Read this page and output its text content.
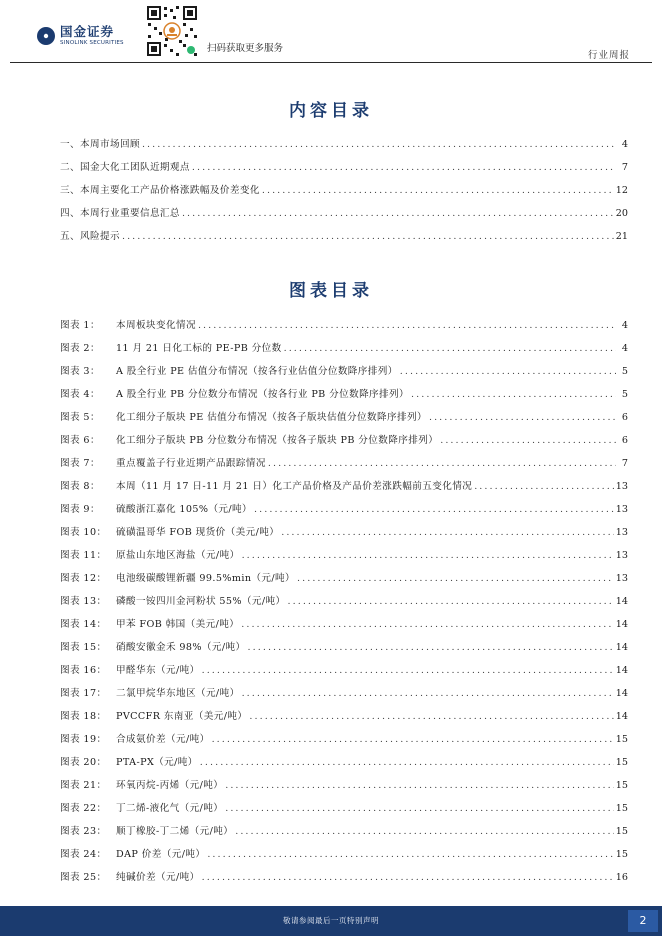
国金证券
SINOLINK SECURITIES
扫码获取更多服务
行业周报
内容目录
一、本周市场回顾 . . .	4
二、国金大化工团队近期观点 . . .	7
三、本周主要化工产品价格涨跌幅及价差变化 . . .	12
四、本周行业重要信息汇总 . . .	20
五、风险提示 . . .	21
图表目录
图表 1： 本周板块变化情况 . . .	4
图表 2： 11 月 21 日化工标的 PE-PB 分位数 . . .	4
图表 3： A 股全行业 PE 估值分布情况（按各行业估值分位数降序排列） . . .	5
图表 4： A 股全行业 PB 分位数分布情况（按各行业 PB 分位数降序排列） . . .	5
图表 5： 化工细分子版块 PE 估值分布情况（按各子版块估值分位数降序排列） . . .	6
图表 6： 化工细分子版块 PB 分位数分布情况（按各子版块 PB 分位数降序排列） . . .	6
图表 7： 重点覆盖子行业近期产品跟踪情况 . . .	7
图表 8： 本周（11 月 17 日-11 月 21 日）化工产品价格及产品价差涨跌幅前五变化情况 . . .	13
图表 9： 硫酸浙江嘉化 105%（元/吨） . . .	13
图表 10： 硫磺温哥华 FOB 现货价（美元/吨） . . .	13
图表 11： 原盐山东地区海盐（元/吨） . . .	13
图表 12： 电池级碳酸锂新疆 99.5%min（元/吨） . . .	13
图表 13： 磷酸一铵四川金河粉状 55%（元/吨） . . .	14
图表 14： 甲苯 FOB 韩国（美元/吨） . . .	14
图表 15： 硝酸安徽金禾 98%（元/吨） . . .	14
图表 16： 甲醛华东（元/吨） . . .	14
图表 17： 二氯甲烷华东地区（元/吨） . . .	14
图表 18： PVCCFR 东南亚（美元/吨） . . .	14
图表 19： 合成氨价差（元/吨） . . .	15
图表 20： PTA-PX（元/吨） . . .	15
图表 21： 环氧丙烷-丙烯（元/吨） . . .	15
图表 22： 丁二烯-液化气（元/吨） . . .	15
图表 23： 顺丁橡胶-丁二烯（元/吨） . . .	15
图表 24： DAP 价差（元/吨） . . .	15
图表 25： 纯碱价差（元/吨） . . .	16
敬请参阅最后一页特别声明	2
